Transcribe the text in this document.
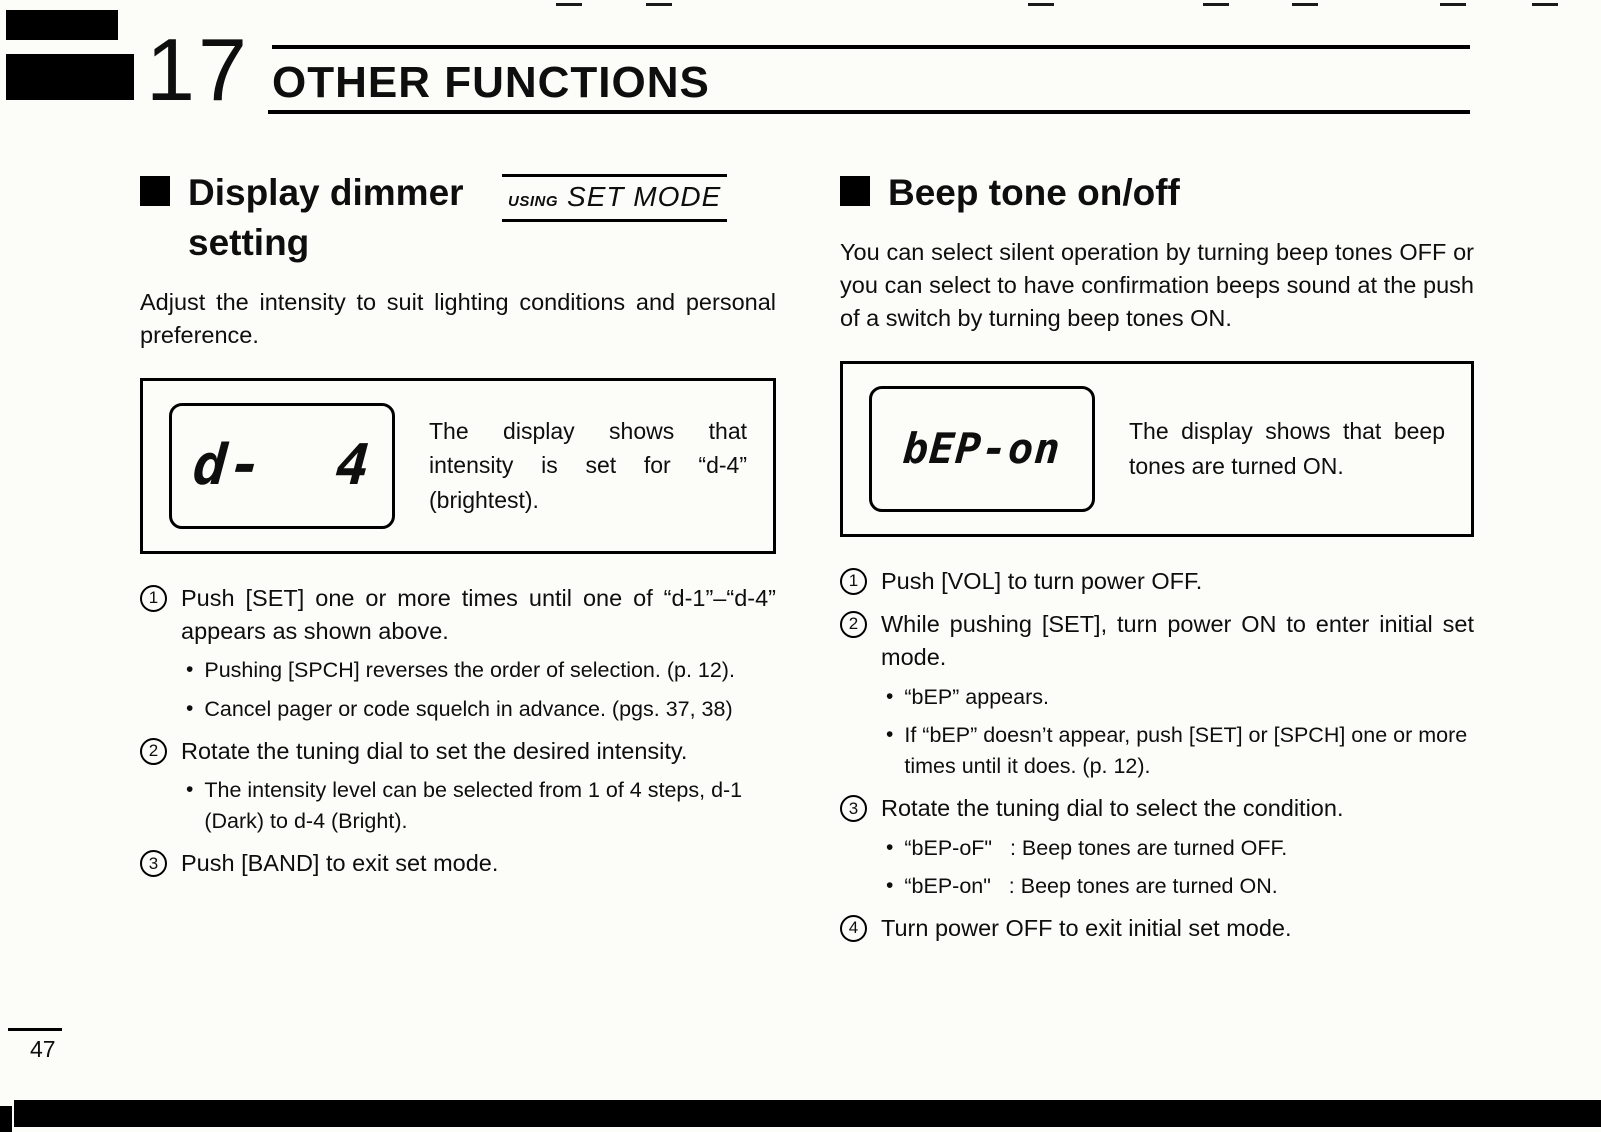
17 OTHER FUNCTIONS
Display dimmer setting
USING SET MODE

Adjust the intensity to suit lighting conditions and personal preference.

d-  4
The display shows that intensity is set for “d-4” (brightest).
1 Push [SET] one or more times until one of “d-1”–“d-4” appears as shown above.
• Pushing [SPCH] reverses the order of selection. (p. 12).
• Cancel pager or code squelch in advance. (pgs. 37, 38)
2 Rotate the tuning dial to set the desired intensity.
• The intensity level can be selected from 1 of 4 steps, d-1 (Dark) to d-4 (Bright).
3 Push [BAND] to exit set mode.
Beep tone on/off

You can select silent operation by turning beep tones OFF or you can select to have confirmation beeps sound at the push of a switch by turning beep tones ON.

bEP-on	The display shows that beep tones are turned ON.
1 Push [VOL] to turn power OFF.
2 While pushing [SET], turn power ON to enter initial set mode.
• “bEP” appears.
• If “bEP” doesn’t appear, push [SET] or [SPCH] one or more times until it does. (p. 12).
3 Rotate the tuning dial to select the condition.
• “bEP-oF"   : Beep tones are turned OFF.
• “bEP-on"   : Beep tones are turned ON.
4 Turn power OFF to exit initial set mode.
47
